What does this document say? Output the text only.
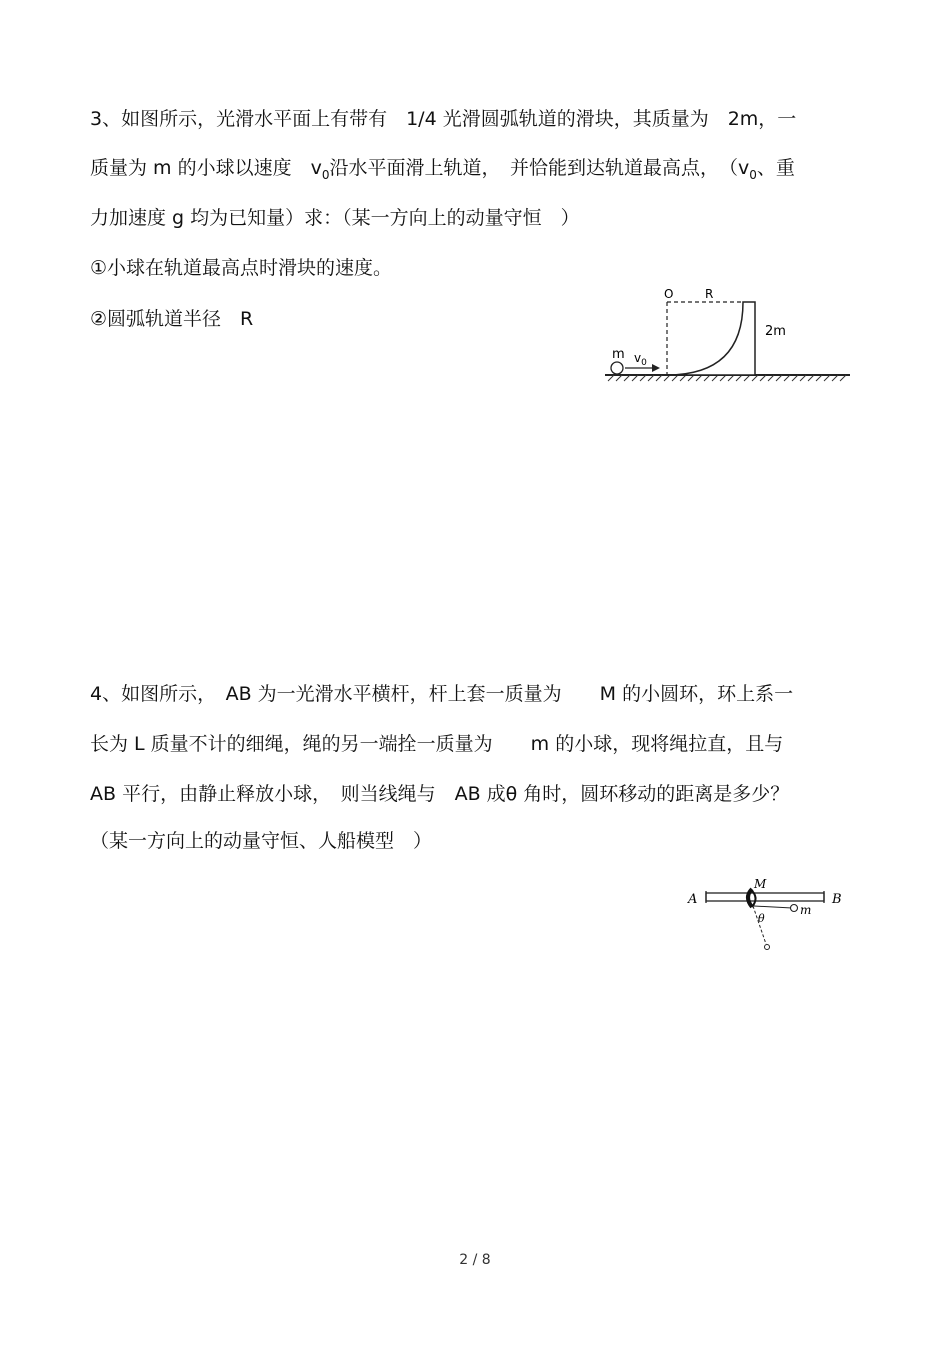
3、如图所示，光滑水平面上有带有　1/4 光滑圆弧轨道的滑块，其质量为　2m，一
质量为 m 的小球以速度　$v_0$沿水平面滑上轨道，　并恰能到达轨道最高点，　（$v_0$、重
力加速度 g 均为已知量）求：（某一方向上的动量守恒　）
①小球在轨道最高点时滑块的速度。
②圆弧轨道半径　R
O	R
2m
m $v_0$
4、如图所示，　AB 为一光滑水平横杆，杆上套一质量为　　M 的小圆环，环上系一
长为 L 质量不计的细绳，绳的另一端拴一质量为　　m 的小球，现将绳拉直，且与
AB 平行，由静止释放小球，　则当线绳与　AB 成θ 角时，圆环移动的距离是多少？
（某一方向上的动量守恒、人船模型　）
A	B
M
m
θ
2 / 8
